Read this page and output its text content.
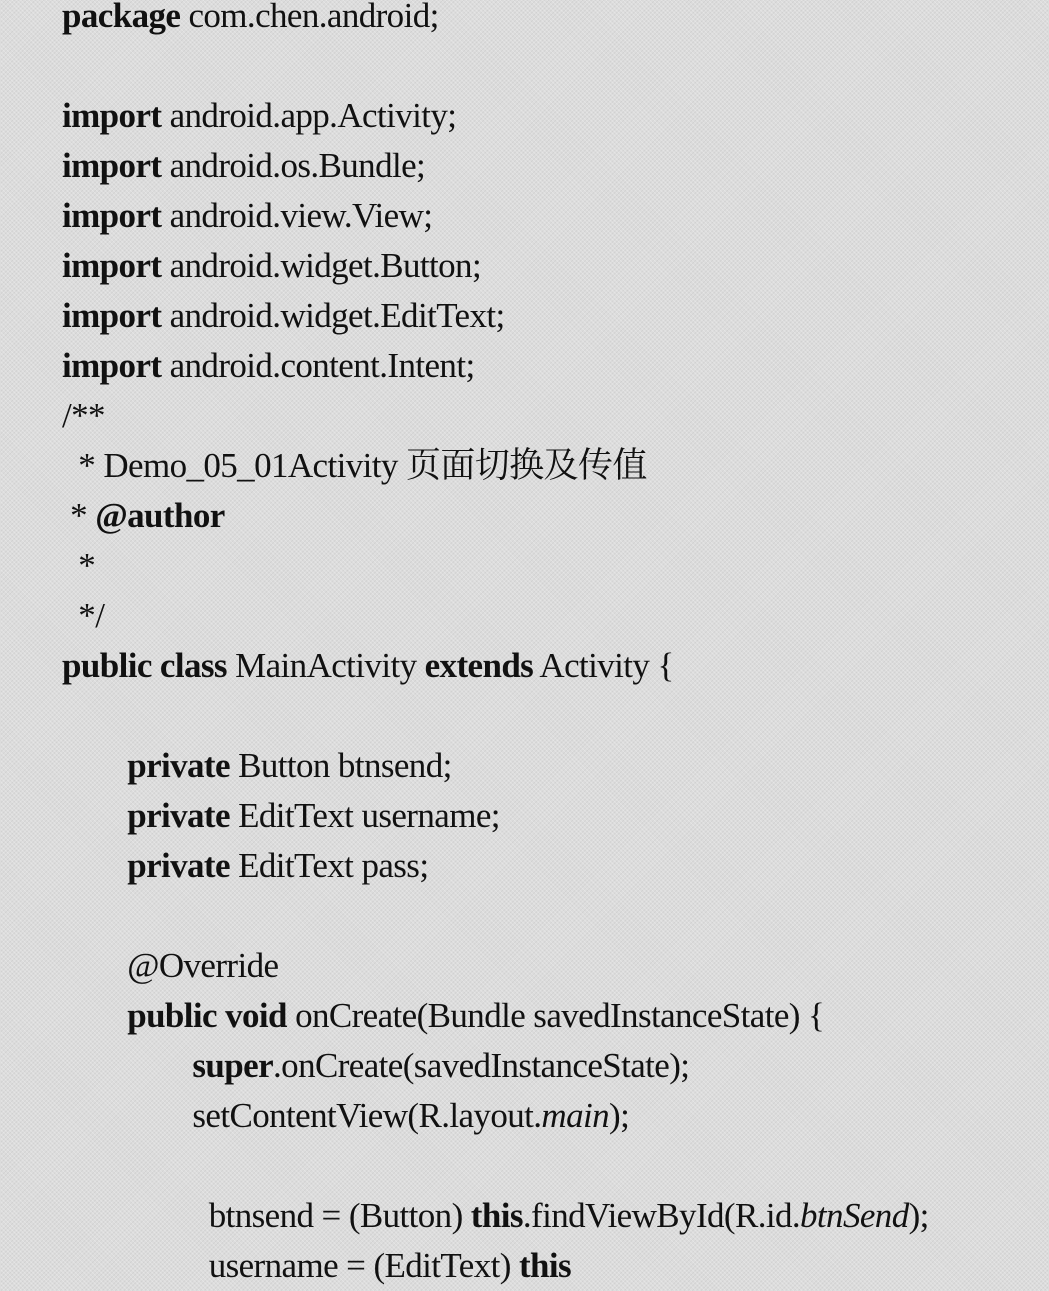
package com.chen.android;
import android.app.Activity;
import android.os.Bundle;
import android.view.View;
import android.widget.Button;
import android.widget.EditText;
import android.content.Intent;
/**
* Demo_05_01Activity 页面切换及传值
* @author
*
*/
public class MainActivity extends Activity {
private Button btnsend;
private EditText username;
private EditText pass;
@Override
public void onCreate(Bundle savedInstanceState) {
super.onCreate(savedInstanceState);
setContentView(R.layout.main);
btnsend = (Button) this.findViewById(R.id.btnSend);
username = (EditText) this
